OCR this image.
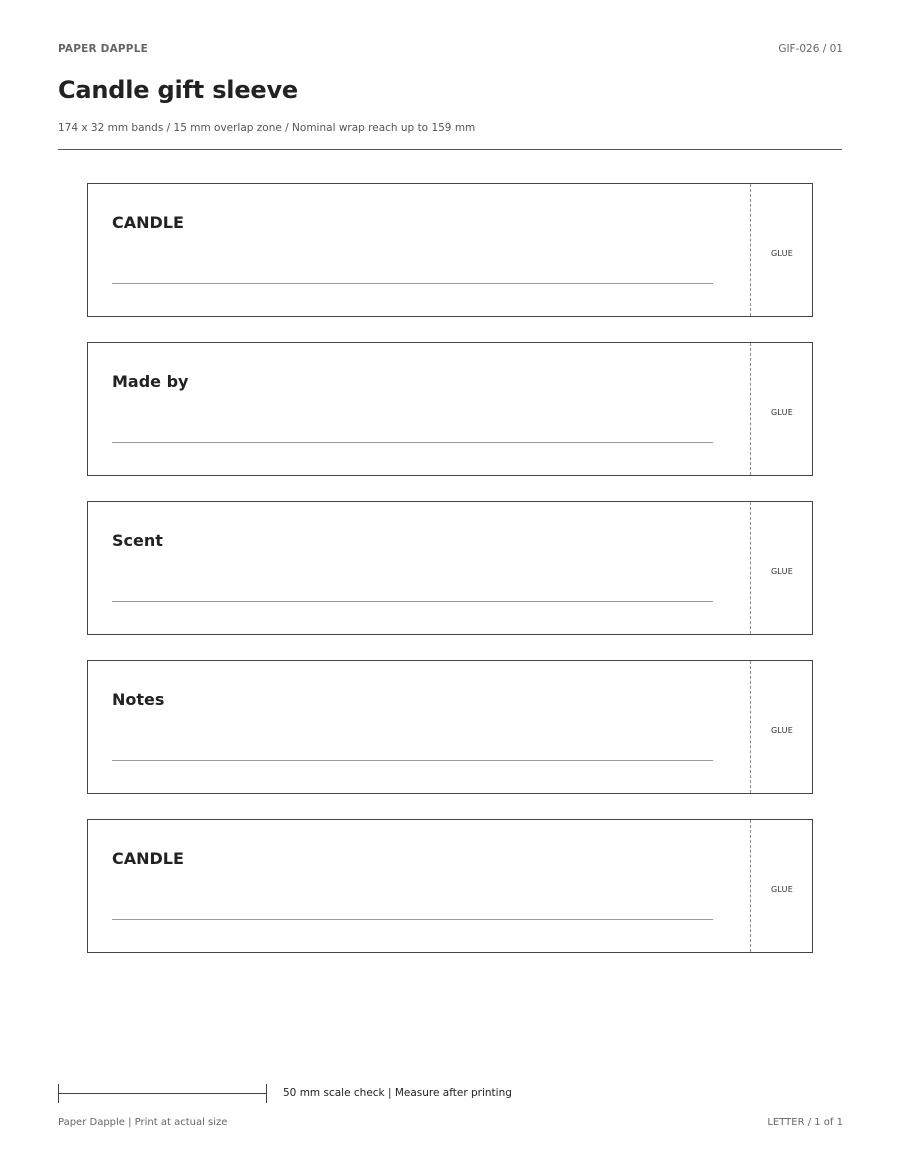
PAPER DAPPLE	GIF-026 / 01
Candle gift sleeve
174 x 32 mm bands / 15 mm overlap zone / Nominal wrap reach up to 159 mm
CANDLE
GLUE
Made by
GLUE
Scent
GLUE
Notes
GLUE
CANDLE
GLUE
50 mm scale check | Measure after printing
Paper Dapple | Print at actual size	LETTER / 1 of 1
